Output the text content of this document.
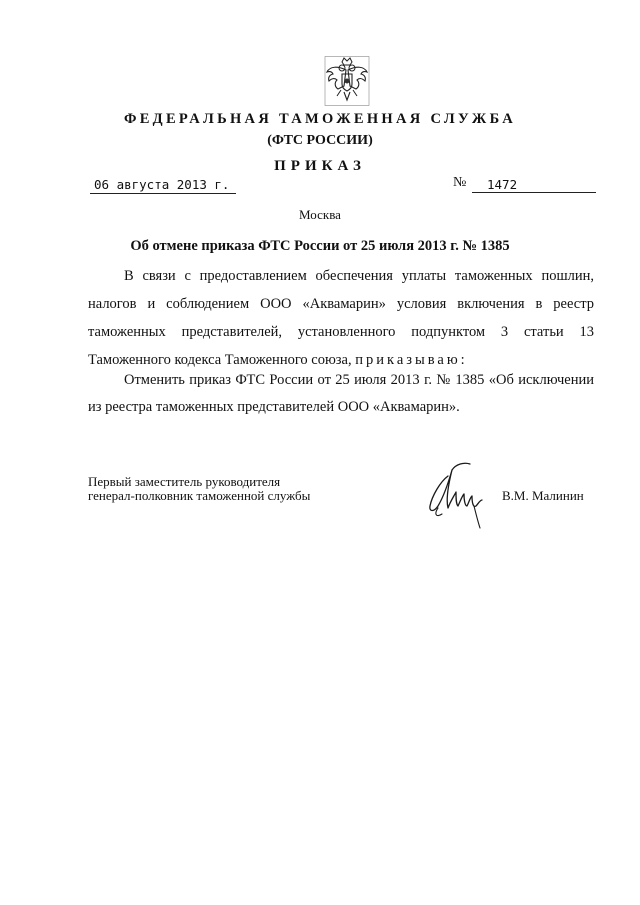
ФЕДЕРАЛЬНАЯ ТАМОЖЕННАЯ СЛУЖБА
(ФТС РОССИИ)
ПРИКАЗ
06 августа 2013 г.	№	1472
Москва
Об отмене приказа ФТС России от 25 июля 2013 г. № 1385
В связи с предоставлением обеспечения уплаты таможенных пошлин,
налогов и соблюдением ООО «Аквамарин» условия включения в реестр
таможенных представителей, установленного подпунктом 3 статьи 13
Таможенного кодекса Таможенного союза, приказываю:
Отменить приказ ФТС России от 25 июля 2013 г. № 1385 «Об исключении
из реестра таможенных представителей ООО «Аквамарин».
Первый заместитель руководителя
генерал-полковник таможенной службы	В.М. Малинин
